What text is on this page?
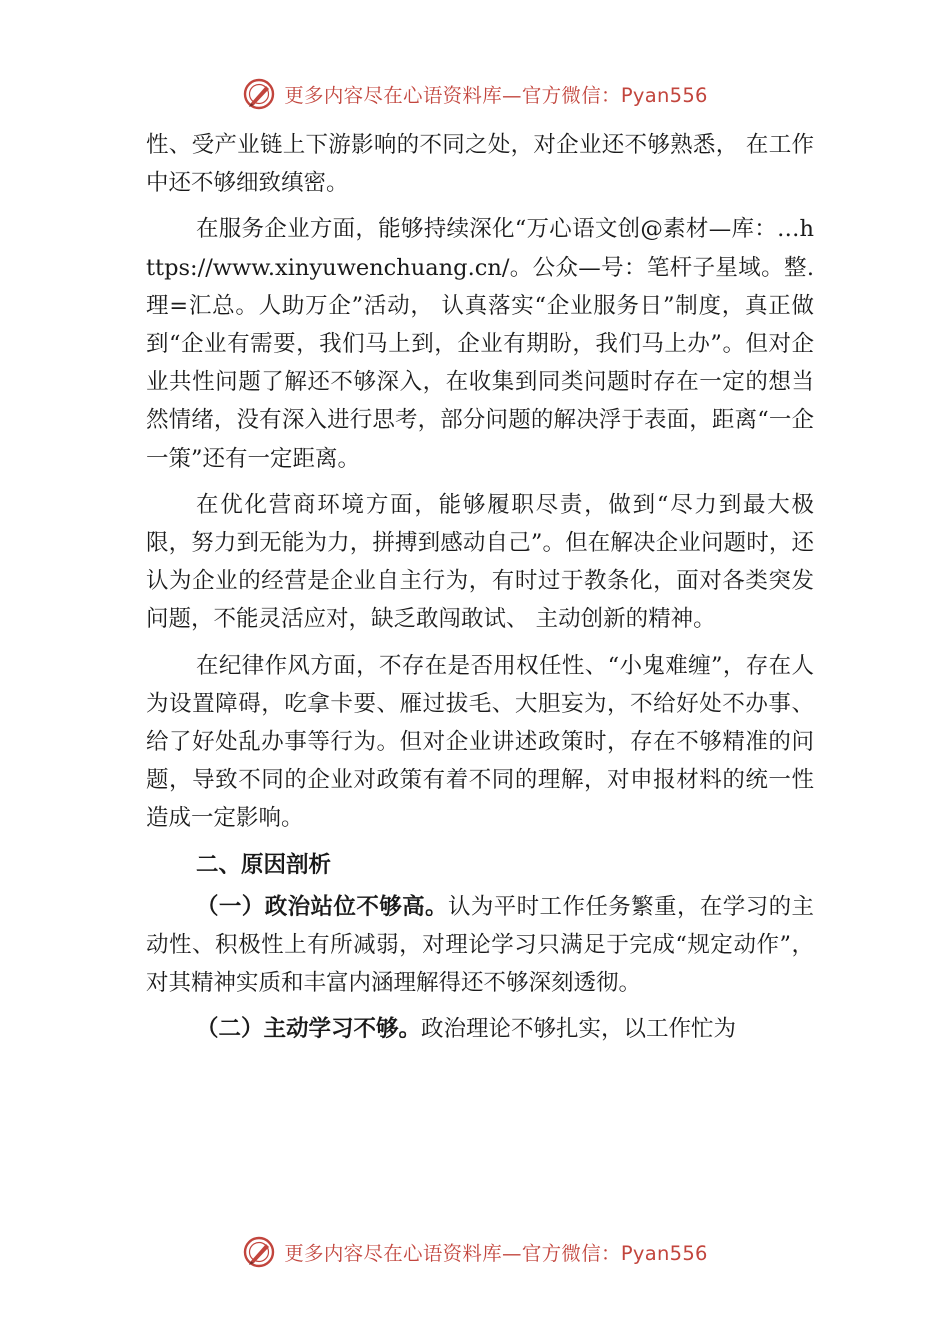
更多内容尽在心语资料库—官方微信：Pyan556

性、受产业链上下游影响的不同之处，对企业还不够熟悉， 在工作中还不够细致缜密。

在服务企业方面，能够持续深化“万心语文创@素材—库：…https://www.xinyuwenchuang.cn/。公众—号：笔杆子星域。整.理=汇总。人助万企”活动， 认真落实“企业服务日”制度，真正做到“企业有需要，我们马上到，企业有期盼，我们马上办”。但对企业共性问题了解还不够深入，在收集到同类问题时存在一定的想当然情绪，没有深入进行思考，部分问题的解决浮于表面，距离“一企一策”还有一定距离。

在优化营商环境方面，能够履职尽责，做到“尽力到最大极限，努力到无能为力，拼搏到感动自己”。但在解决企业问题时，还认为企业的经营是企业自主行为，有时过于教条化，面对各类突发问题，不能灵活应对，缺乏敢闯敢试、 主动创新的精神。

在纪律作风方面，不存在是否用权任性、“小鬼难缠”，存在人为设置障碍，吃拿卡要、雁过拔毛、大胆妄为，不给好处不办事、给了好处乱办事等行为。但对企业讲述政策时，存在不够精准的问题，导致不同的企业对政策有着不同的理解，对申报材料的统一性造成一定影响。

二、原因剖析

（一）政治站位不够高。认为平时工作任务繁重，在学习的主动性、积极性上有所减弱，对理论学习只满足于完成“规定动作”，对其精神实质和丰富内涵理解得还不够深刻透彻。

（二）主动学习不够。政治理论不够扎实，以工作忙为

更多内容尽在心语资料库—官方微信：Pyan556
